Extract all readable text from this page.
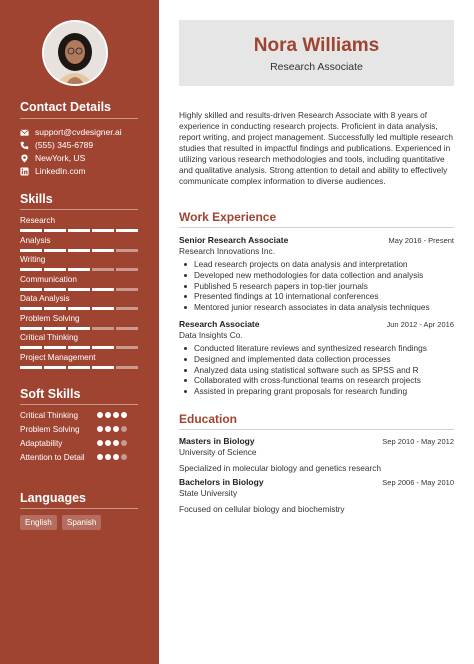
Contact Details
support@cvdesigner.ai
(555) 345-6789
NewYork, US
LinkedIn.com
Skills
Research
Analysis
Writing
Communication
Data Analysis
Problem Solving
Critical Thinking
Project Management
Soft Skills
Critical Thinking
Problem Solving
Adaptability
Attention to Detail
Languages
English	Spanish
Nora Williams
Research Associate

Highly skilled and results-driven Research Associate with 8 years of experience in conducting research projects. Proficient in data analysis, report writing, and project management. Successfully led multiple research studies that resulted in impactful findings and publications. Experienced in utilizing various research methodologies and tools, including quantitative and qualitative analysis. Strong attention to detail and ability to effectively communicate complex information to diverse audiences.

Work Experience
Senior Research Associate	May 2016 - Present
Research Innovations Inc.
Lead research projects on data analysis and interpretation
Developed new methodologies for data collection and analysis
Published 5 research papers in top-tier journals
Presented findings at 10 international conferences
Mentored junior research associates in data analysis techniques
Research Associate	Jun 2012 - Apr 2016
Data Insights Co.
Conducted literature reviews and synthesized research findings
Designed and implemented data collection processes
Analyzed data using statistical software such as SPSS and R
Collaborated with cross-functional teams on research projects
Assisted in preparing grant proposals for research funding
Education
Masters in Biology	Sep 2010 - May 2012
University of Science
Specialized in molecular biology and genetics research
Bachelors in Biology	Sep 2006 - May 2010
State University
Focused on cellular biology and biochemistry
